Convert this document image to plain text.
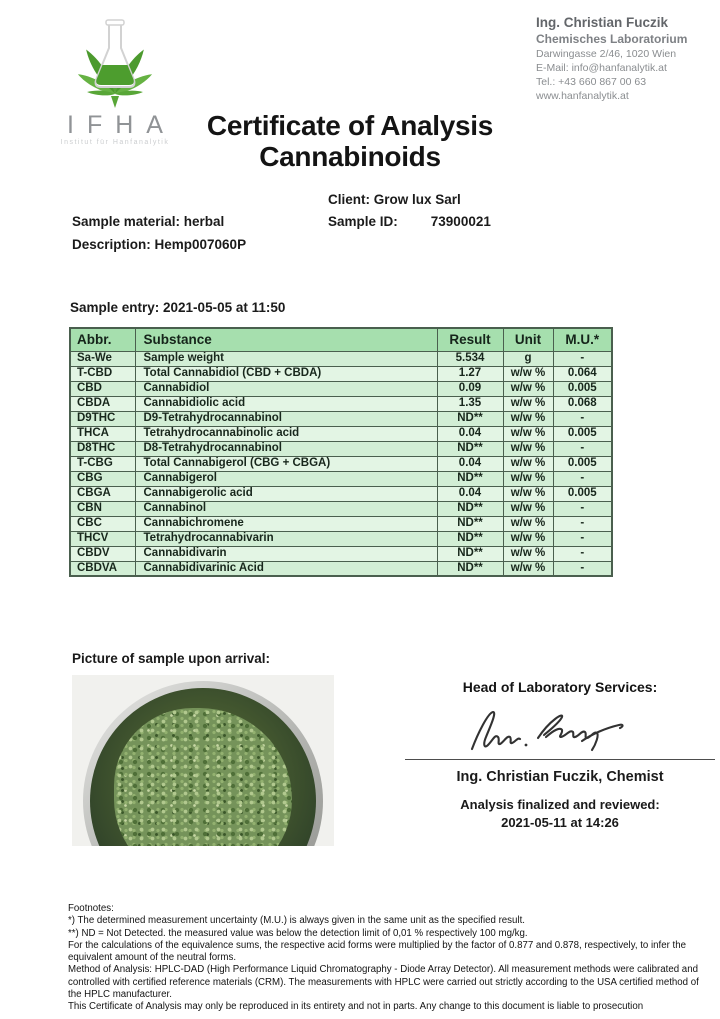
IFHA
Institut für Hanfanalytik
Ing. Christian Fuczik
Chemisches Laboratorium
Darwingasse 2/46, 1020 Wien
E-Mail: info@hanfanalytik.at
Tel.: +43 660 867 00 63
www.hanfanalytik.at
Certificate of Analysis
Cannabinoids
Client: Grow lux Sarl
Sample material: herbal	Sample ID: 73900021
Description: Hemp007060P
Sample entry: 2021-05-05 at 11:50
Abbr.	Substance	Result	Unit	M.U.*
Sa-We	Sample weight	5.534	g	-
T-CBD	Total Cannabidiol (CBD + CBDA)	1.27	w/w %	0.064
CBD	Cannabidiol	0.09	w/w %	0.005
CBDA	Cannabidiolic acid	1.35	w/w %	0.068
D9THC	D9-Tetrahydrocannabinol	ND**	w/w %	-
THCA	Tetrahydrocannabinolic acid	0.04	w/w %	0.005
D8THC	D8-Tetrahydrocannabinol	ND**	w/w %	-
T-CBG	Total Cannabigerol (CBG + CBGA)	0.04	w/w %	0.005
CBG	Cannabigerol	ND**	w/w %	-
CBGA	Cannabigerolic acid	0.04	w/w %	0.005
CBN	Cannabinol	ND**	w/w %	-
CBC	Cannabichromene	ND**	w/w %	-
THCV	Tetrahydrocannabivarin	ND**	w/w %	-
CBDV	Cannabidivarin	ND**	w/w %	-
CBDVA	Cannabidivarinic Acid	ND**	w/w %	-
Picture of sample upon arrival:
Head of Laboratory Services:
Ing. Christian Fuczik, Chemist
Analysis finalized and reviewed:
2021-05-11 at 14:26
Footnotes:
*) The determined measurement uncertainty (M.U.) is always given in the same unit as the specified result.
**) ND = Not Detected. the measured value was below the detection limit of 0,01 % respectively 100 mg/kg.
For the calculations of the equivalence sums, the respective acid forms were multiplied by the factor of 0.877 and 0.878, respectively, to infer the equivalent amount of the neutral forms.
Method of Analysis: HPLC-DAD (High Performance Liquid Chromatography - Diode Array Detector). All measurement methods were calibrated and controlled with certified reference materials (CRM). The measurements with HPLC were carried out strictly according to the USA certified method of the HPLC manufacturer.
This Certificate of Analysis may only be reproduced in its entirety and not in parts. Any change to this document is liable to prosecution
